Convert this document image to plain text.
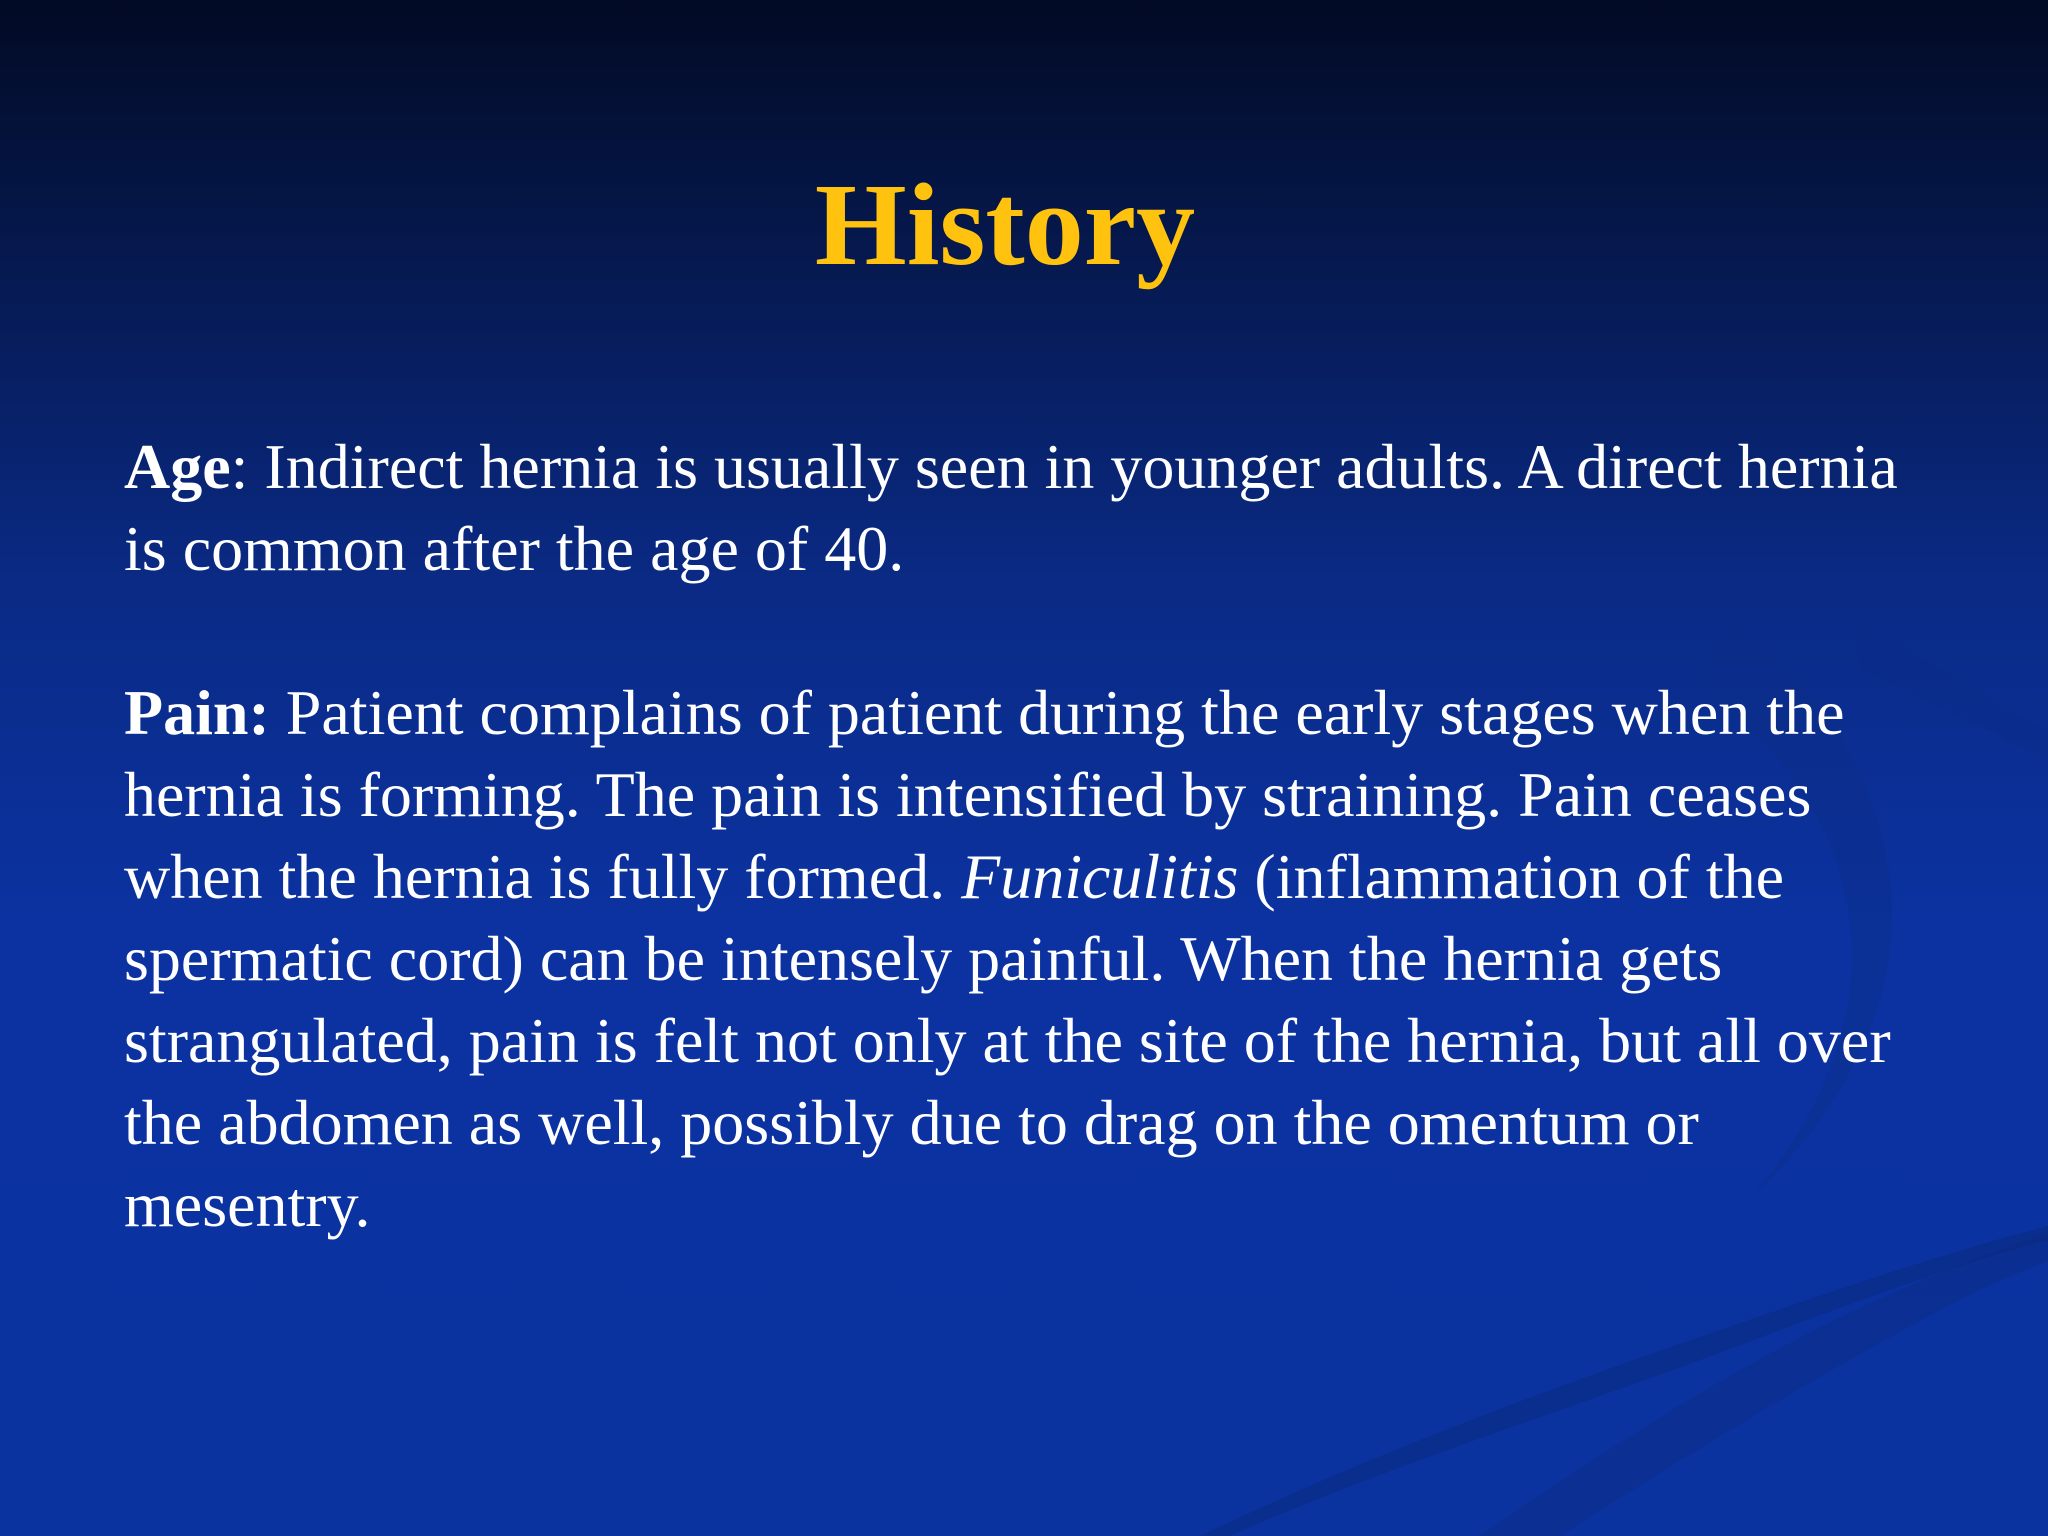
History

Age: Indirect hernia is usually seen in younger adults. A direct hernia is common after the age of 40.

Pain: Patient complains of patient during the early stages when the hernia is forming. The pain is intensified by straining. Pain ceases when the hernia is fully formed. Funiculitis (inflammation of the spermatic cord) can be intensely painful. When the hernia gets strangulated, pain is felt not only at the site of the hernia, but all over the abdomen as well, possibly due to drag on the omentum or mesentry.
